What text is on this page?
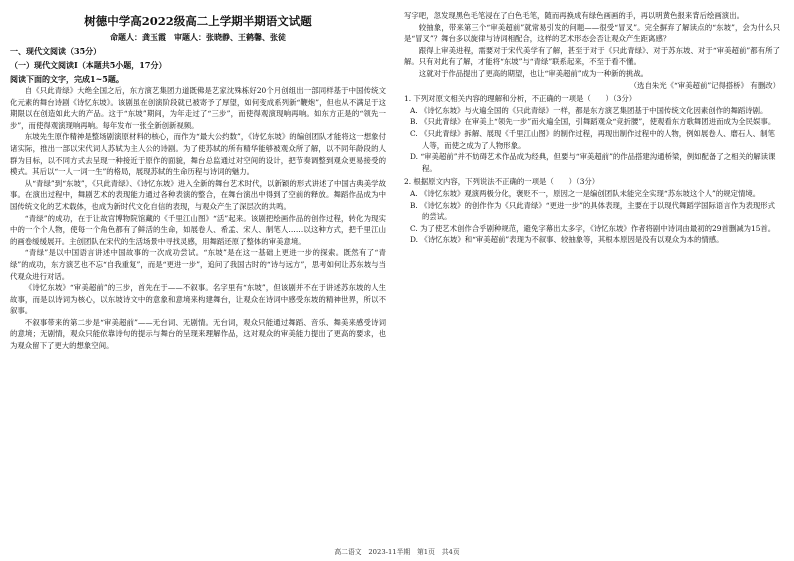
树德中学高2022级高二上学期半期语文试题
命题人：龚玉霞　审题人：张晓静、王鹤馨、张徒
一、现代文阅读（35分）
（一）现代文阅读Ⅰ（本题共5小题，17分）
阅读下面的文字，完成1~5题。

自《只此青绿》大绝全国之后，东方演艺集团力道既佛是艺家沈殊栋好20个月创组出一部同样基于中国传统文化元素的舞台诗剧《诗忆东坡》。该剧虽在创演阶段就已被寄予了厚望，如何变成系列新“鞭炮”，但也从不满足于这期限以在创造如此大的产品。这于“东坡”期间，为年走过了“三步”，而使得观演现响再响。如东方正是的“领先一步”，而使得观演现响再响。每年发布一张全新创新视频。

东坡先生原作精神是整场剧演原材料的核心，而作为“最大公约数”，《诗忆东坡》的编创团队才能将这一想象付诸实际，推出一部以宋代词人苏轼为主人公的诗剧。为了使苏轼的所有精华能够被观众所了解，以不同年龄段的人群为目标，以不同方式去呈现一种接近于原作的面貌，舞台总监通过对空间的设计，把节奏调整到观众更易接受的模式。其后以“一人一词一生”的格局，展现苏轼的生命历程与诗词的魅力。

从“青绿”到“东坡”，《只此青绿》、《诗忆东坡》进入全新的舞台艺术时代，以新颖的形式讲述了中国古典美学故事。在演出过程中，舞剧艺术的表现能力通过各种表演的整合，在舞台演出中得到了空前的释放。舞蹈作品成为中国传统文化的艺术载体，也成为新时代文化自信的表现，与观众产生了深层次的共鸣。

“青绿”的成功，在于让故宫博物院馆藏的《千里江山图》“活”起来。该剧把绘画作品的创作过程，转化为现实中的一个个人物，使每一个角色都有了鲜活的生命，如展卷人、希孟、宋人、制笔人……以这种方式，把千里江山的画卷缓缓展开。主创团队在宋代的生活场景中寻找灵感，用舞蹈还原了整体的审美意境。

“青绿”是以中国语言讲述中国故事的一次成功尝试。“东坡”是在这一基础上更进一步的探索。既然有了“青绿”的成功，东方演艺也不忘“自我重复”，而是“更进一步”，追问了我国古时的“诗与远方”，思考如何让苏东坡与当代观众进行对话。

《诗忆东坡》“审美超前”的三步，首先在于——不叙事。名字里有“东坡”，但该剧并不在于讲述苏东坡的人生故事，而是以诗词为核心，以东坡诗文中的意象和意境来构建舞台，让观众在诗词中感受东坡的精神世界，所以不叙事。

不叙事带来的第二步是“审美超前”——无台词、无剧情。无台词，观众只能通过舞蹈、音乐、舞美来感受诗词的意境；无剧情，观众只能依靠诗句的提示与舞台的呈现来理解作品，这对观众的审美能力提出了更高的要求，也为观众留下了更大的想象空间。

写字吧，忽发现黑色毛笔浸在了白色毛笔，随而再换成有绿色画画的手，再以明黄色报来背后绘画演出。

较抽象，带来第三个“审美超前”就常易引发的问题——很受“冒叉”。完全摒弃了解读点的“东坡”，会为什么只是“冒叉”？舞台多以旋律与诗词相配合，这样的艺术形态会否让观众产生距离感？

跟得上审美进程，需要对于宋代美学有了解，甚至于对于《只此青绿》、对于苏东坡、对于“审美超前”都有所了解。只有对此有了解，才能将“东坡”与“青绿”联系起来，不至于看不懂。

这就对于作品提出了更高的期望，也让“审美超前”成为一种新的挑战。

（选自朱光《“审美超前”记得搭桥》 有删改）
1. 下列对原文相关内容的理解和分析，不正确的一项是（　　）（3分）
A. 《诗忆东坡》与火遍全国的《只此青绿》一样，都是东方演艺集团基于中国传统文化因素创作的舞蹈诗剧。
B. 《只此青绿》在审美上“领先一步”而火遍全国，引舞蹈观众“竞折腰”，使观看东方歌舞团进而成为全民娱事。
C. 《只此青绿》拆解、展现《千里江山图》的制作过程，再现出制作过程中的人物，例如展卷人、磨石人、制笔人等，而使之成为了人物形象。
D. “审美超前”并不妨碍艺术作品成为经典，但要与“审美超前”的作品搭建沟通桥梁，例如配备了之相关的解读课程。
2. 根据原文内容，下列说法不正确的一项是（　　）（3分）
A. 《诗忆东坡》观演两极分化，褒贬不一，原因之一是编创团队未能完全实现“苏东坡这个人”的规定情境。
B. 《诗忆东坡》的创作作为《只此青绿》“更进一步”的具体表现，主要在于以现代舞蹈学国际语言作为表现形式的尝试。
C. 为了使艺术创作合乎剧种规范，避免字幕出太多字，《诗忆东坡》作者将剧中诗词由最初的29首删减为15首。
D. 《诗忆东坡》和“审美超前”表现为不叙事、较抽象等，其根本原因是没有以观众为本的情感。
高二语文　2023-11半期　第1页　共4页
